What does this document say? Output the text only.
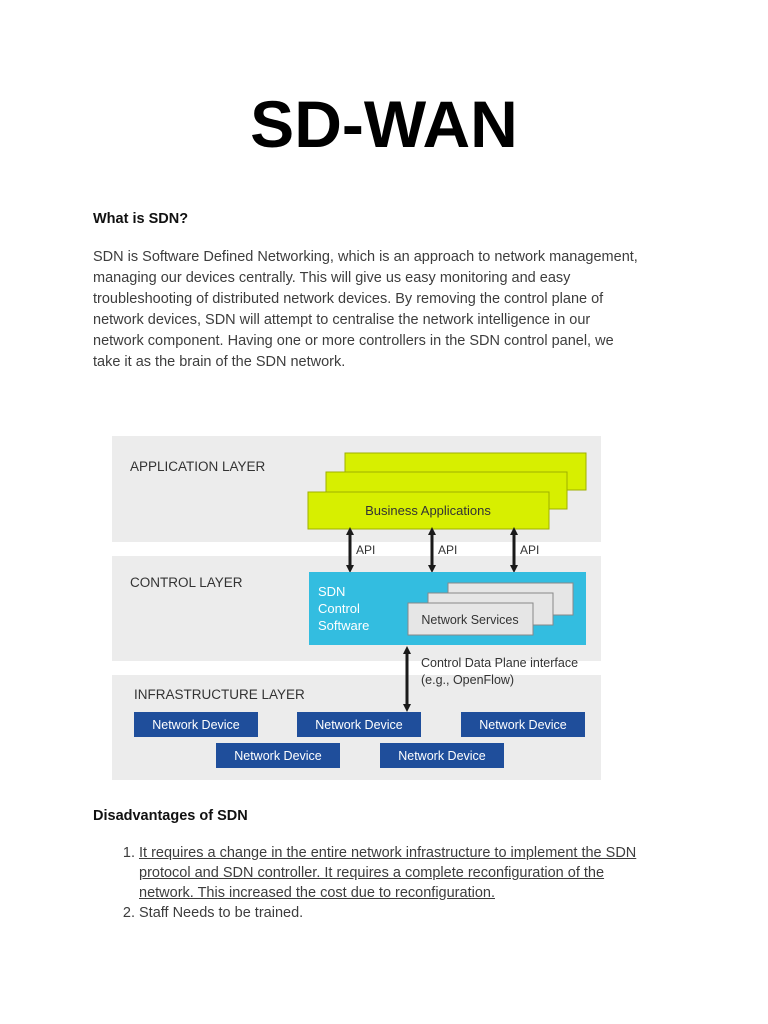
SD-WAN
What is SDN?
SDN is Software Defined Networking, which is an approach to network management,
managing our devices centrally. This will give us easy monitoring and easy
troubleshooting of distributed network devices. By removing the control plane of
network devices, SDN will attempt to centralise the network intelligence in our
network component. Having one or more controllers in the SDN control panel, we
take it as the brain of the SDN network.
APPLICATION LAYER
Business Applications
API	API	API
CONTROL LAYER
SDN Control Software	Network Services
Control Data Plane interface (e.g., OpenFlow)
INFRASTRUCTURE LAYER
Network Device	Network Device	Network Device
Network Device	Network Device
Disadvantages of SDN
1. It requires a change in the entire network infrastructure to implement the SDN
protocol and SDN controller. It requires a complete reconfiguration of the
network. This increased the cost due to reconfiguration.
2. Staff Needs to be trained.
